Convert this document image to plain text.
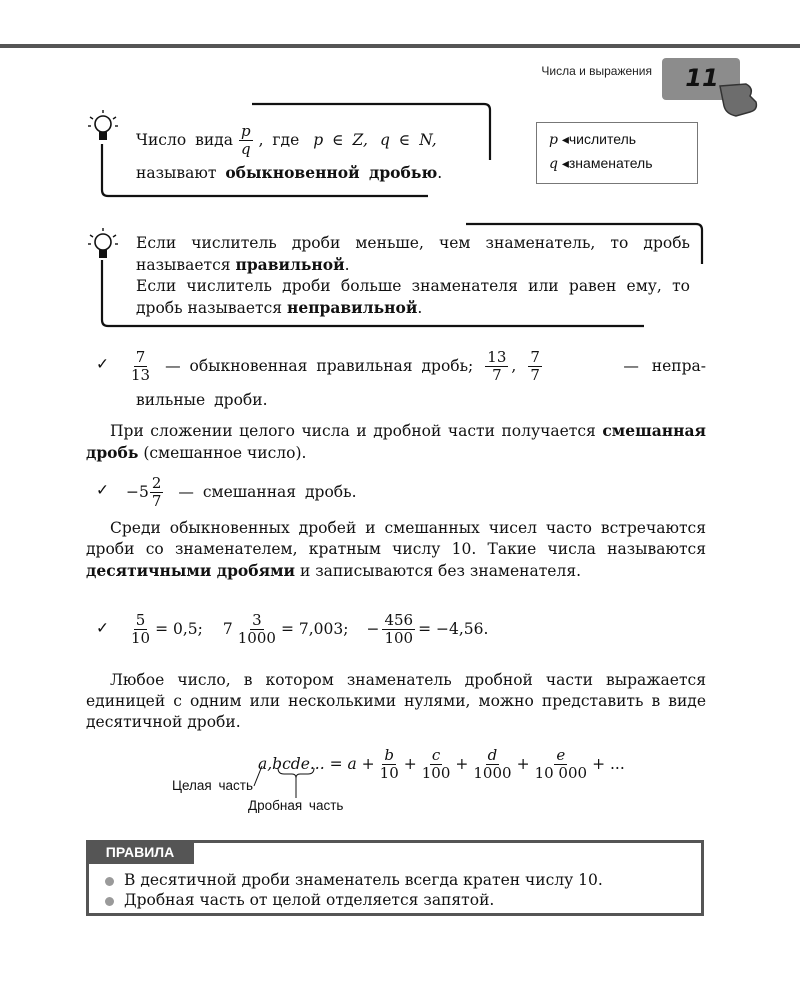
Числа и выражения	11
Число вида $\frac{p}{q}$ , где p ∈ Z, q ∈ N,
называют обыкновенной дробью.
p ◂числитель
q ◂знаменатель
Если числитель дроби меньше, чем знаменатель, то дробь называется правильной.
Если числитель дроби больше знаменателя или равен ему, то дробь называется неправильной.
✓ $\frac{7}{13}$ — обыкновенная правильная дробь; $\frac{13}{7}$ , $\frac{7}{7}$	— непра-
вильные дроби.
При сложении целого числа и дробной части получается смешанная дробь (смешанное число).
✓ $-5 \frac{2}{7}$ — смешанная дробь.
Среди обыкновенных дробей и смешанных чисел часто встречаются дроби со знаменателем, кратным числу 10. Такие числа называются десятичными дробями и записываются без знаменателя.
✓ $\frac{5}{10} = 0,5$; $7 \frac{3}{1000} = 7,003$; − $\frac{456}{100} = -4,56$.
Любое число, в котором знаменатель дробной части выражается единицей с одним или несколькими нулями, можно представить в виде десятичной дроби.
a,bcde... = $a + \frac{b}{10} + \frac{c}{100} + \frac{d}{1000} + \frac{e}{10 000}$ + ...
Целая часть
Дробная часть
В десятичной дроби знаменатель всегда кратен числу 10.
Дробная часть от целой отделяется запятой.
ПРАВИЛА
